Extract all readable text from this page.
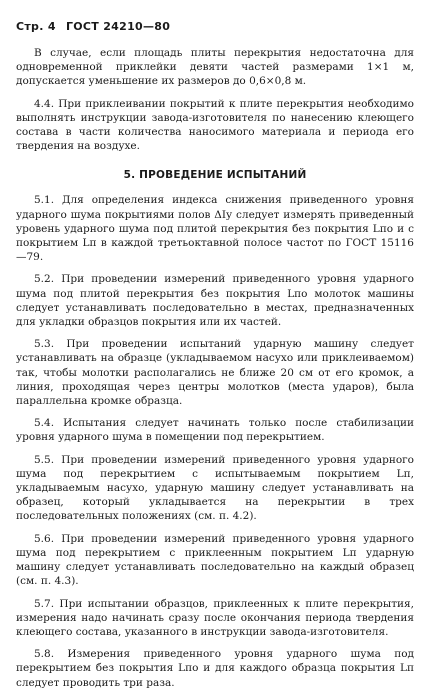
Стр. 4 ГОСТ 24210—80

В случае, если площадь плиты перекрытия недостаточна для одновременной приклейки девяти частей размерами 1×1 м, допускается уменьшение их размеров до 0,6×0,8 м.

4.4. При приклеивании покрытий к плите перекрытия необходимо выполнять инструкции завода-изготовителя по нанесению клеющего состава в части количества наносимого материала и периода его твердения на воздухе.

5. ПРОВЕДЕНИЕ ИСПЫТАНИЙ

5.1. Для определения индекса снижения приведенного уровня ударного шума покрытиями полов ΔIу следует измерять приведенный уровень ударного шума под плитой перекрытия без покрытия Lпо и с покрытием Lп в каждой третьоктавной полосе частот по ГОСТ 15116—79.

5.2. При проведении измерений приведенного уровня ударного шума под плитой перекрытия без покрытия Lпо молоток машины следует устанавливать последовательно в местах, предназначенных для укладки образцов покрытия или их частей.

5.3. При проведении испытаний ударную машину следует устанавливать на образце (укладываемом насухо или приклеиваемом) так, чтобы молотки располагались не ближе 20 см от его кромок, а линия, проходящая через центры молотков (места ударов), была параллельна кромке образца.

5.4. Испытания следует начинать только после стабилизации уровня ударного шума в помещении под перекрытием.

5.5. При проведении измерений приведенного уровня ударного шума под перекрытием с испытываемым покрытием Lп, укладываемым насухо, ударную машину следует устанавливать на образец, который укладывается на перекрытии в трех последовательных положениях (см. п. 4.2).

5.6. При проведении измерений приведенного уровня ударного шума под перекрытием с приклеенным покрытием Lп ударную машину следует устанавливать последовательно на каждый образец (см. п. 4.3).

5.7. При испытании образцов, приклеенных к плите перекрытия, измерения надо начинать сразу после окончания периода твердения клеющего состава, указанного в инструкции завода-изготовителя.

5.8. Измерения приведенного уровня ударного шума под перекрытием без покрытия Lпо и для каждого образца покрытия Lп следует проводить три раза.
